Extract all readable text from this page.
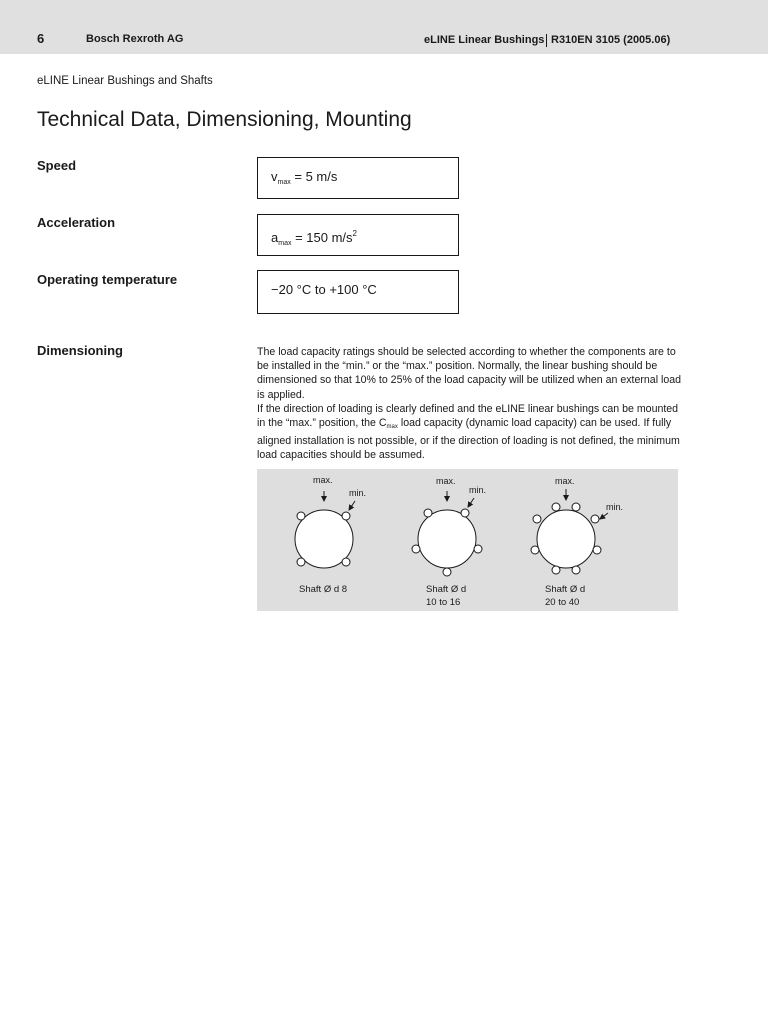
6	Bosch Rexroth AG	eLINE Linear Bushings R310EN 3105 (2005.06)
eLINE Linear Bushings and Shafts
Technical Data, Dimensioning, Mounting
Speed
$v_{max} = 5$ m/s
Acceleration
$a_{max} = 150$ $m/s^2$
Operating temperature
−20 °C to +100 °C
Dimensioning	The load capacity ratings should be selected according to whether the components are to be installed in the “min.” or the “max.” position. Normally, the linear bushing should be dimensioned so that 10% to 25% of the load capacity will be utilized when an external load is applied.

If the direction of loading is clearly defined and the eLINE linear bushings can be mounted in the “max.” position, the $C_{max}$ load capacity (dynamic load capacity) can be used. If fully aligned installation is not possible, or if the direction of loading is not defined, the minimum load capacities should be assumed.

max.
min.
max.
min.
max.
min.
Shaft Ø d 8	Shaft Ø d
10 to 16
Shaft Ø d
20 to 40
